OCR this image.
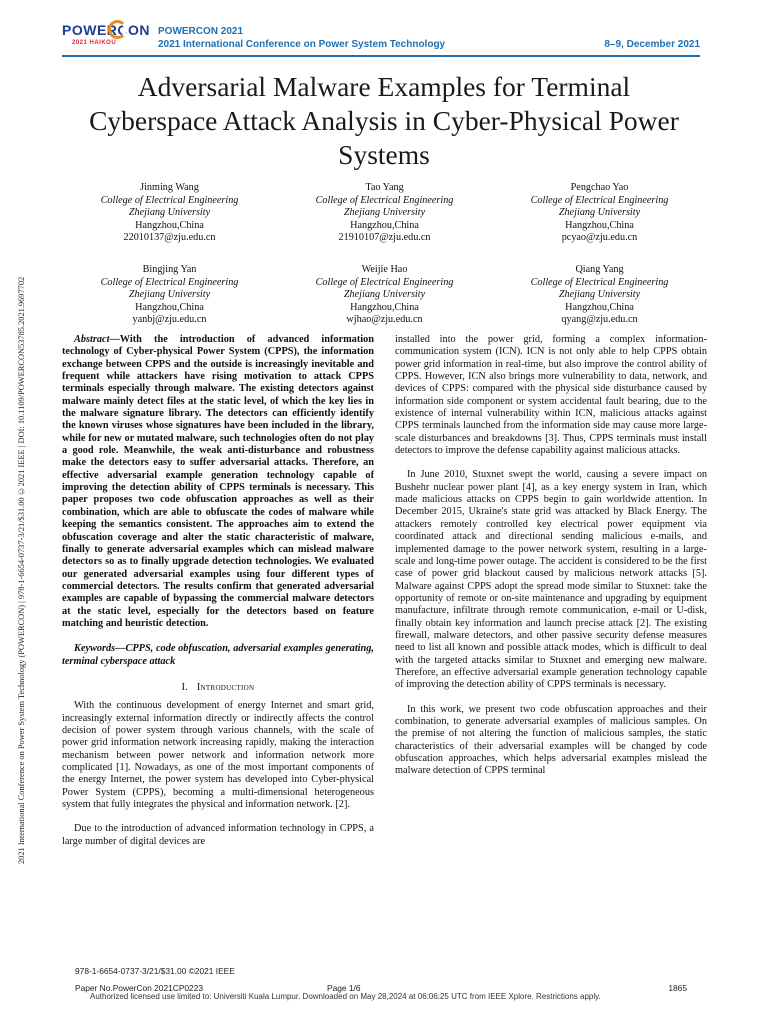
POWERCON
2021 HAIKOU
POWERCON 2021
2021 International Conference on Power System Technology	8–9, December 2021
2021 International Conference on Power System Technology (POWERCON) | 978-1-6654-0737-3/21/$31.00 ©2021 IEEE | DOI: 10.1109/POWERCON53785.2021.9697702
Adversarial Malware Examples for Terminal Cyberspace Attack Analysis in Cyber-Physical Power Systems
Jinming Wang
College of Electrical Engineering
Zhejiang University
Hangzhou,China
22010137@zju.edu.cn
Tao Yang
College of Electrical Engineering
Zhejiang University
Hangzhou,China
21910107@zju.edu.cn
Pengchao Yao
College of Electrical Engineering
Zhejiang University
Hangzhou,China
pcyao@zju.edu.cn
Bingjing Yan
College of Electrical Engineering
Zhejiang University
Hangzhou,China
yanbj@zju.edu.cn
Weijie Hao
College of Electrical Engineering
Zhejiang University
Hangzhou,China
wjhao@zju.edu.cn
Qiang Yang
College of Electrical Engineering
Zhejiang University
Hangzhou,China
qyang@zju.edu.cn

Abstract—With the introduction of advanced information technology of Cyber-physical Power System (CPPS), the information exchange between CPPS and the outside is increasingly inevitable and frequent while attackers have rising motivation to attack CPPS terminals especially through malware. The existing detectors against malware mainly detect files at the static level, of which the key lies in the malware signature library. The detectors can efficiently identify the known viruses whose signatures have been included in the library, while for new or mutated malware, such technologies often do not play a good role. Meanwhile, the weak anti-disturbance and robustness make the detectors easy to suffer adversarial attacks. Therefore, an effective adversarial example generation technology capable of improving the detection ability of CPPS terminals is necessary. This paper proposes two code obfuscation approaches as well as their combination, which are able to obfuscate the codes of malware while keeping the semantics consistent. The approaches aim to extend the obfuscation coverage and alter the static characteristic of malware, finally to generate adversarial examples which can mislead malware detectors so as to finally upgrade detection technologies. We evaluated our generated adversarial examples using four different types of commercial detectors. The results confirm that generated adversarial examples are capable of bypassing the commercial malware detectors at the static level, especially for the detectors based on feature matching and heuristic detection.

Keywords—CPPS, code obfuscation, adversarial examples generating, terminal cyberspace attack

I. Introduction

With the continuous development of energy Internet and smart grid, increasingly external information directly or indirectly affects the control decision of power system through various channels, with the scale of power grid information network increasing rapidly, making the interaction mechanism between power network and information network more complicated [1]. Nowadays, as one of the most important components of the energy Internet, the power system has developed into Cyber-physical Power System (CPPS), becoming a multi-dimensional heterogeneous system that fully integrates the physical and information network. [2].

Due to the introduction of advanced information technology in CPPS, a large number of digital devices are

installed into the power grid, forming a complex information-communication system (ICN). ICN is not only able to help CPPS obtain power grid information in real-time, but also improve the control ability of CPPS. However, ICN also brings more vulnerability to data, network, and devices of CPPS: compared with the physical side disturbance caused by information side component or system accidental fault bearing, due to the existence of internal vulnerability within ICN, malicious attacks against CPPS terminals launched from the information side may cause more large-scale disturbances and breakdowns [3]. Thus, CPPS terminals must install detectors to improve the defense capability against malicious attacks.

In June 2010, Stuxnet swept the world, causing a severe impact on Bushehr nuclear power plant [4], as a key energy system in Iran, which made malicious attacks on CPPS begin to gain worldwide attention. In December 2015, Ukraine's state grid was attacked by Black Energy. The attackers remotely controlled key electrical power equipment via coordinated attack and directional sending malicious e-mails, and implemented damage to the power network system, resulting in a large-scale and long-time power outage. The accident is considered to be the first case of power grid blackout caused by malicious network attacks [5]. Malware against CPPS adopt the spread mode similar to Stuxnet: take the opportunity of remote or on-site maintenance and upgrading by equipment manufacture, infiltrate through remote communication, e-mail or U-disk, finally obtain key information and launch precise attack [2]. The existing firewall, malware detectors, and other passive security defense measures need to list all known and possible attack modes, which is difficult to deal with the targeted attacks similar to Stuxnet and emerging new malware. Therefore, an effective adversarial example generation technology capable of improving the detection ability of CPPS terminals is necessary.

In this work, we present two code obfuscation approaches and their combination, to generate adversarial examples of malicious samples. On the premise of not altering the function of malicious samples, the static characteristics of their adversarial examples will be changed by code obfuscation approaches, which helps adversarial examples mislead the malware detection of CPPS terminal

978-1-6654-0737-3/21/$31.00 ©2021 IEEE
Paper No.PowerCon 2021CP0223	Page 1/6	1865
Authorized licensed use limited to: Universiti Kuala Lumpur. Downloaded on May 28,2024 at 06:06:25 UTC from IEEE Xplore. Restrictions apply.
